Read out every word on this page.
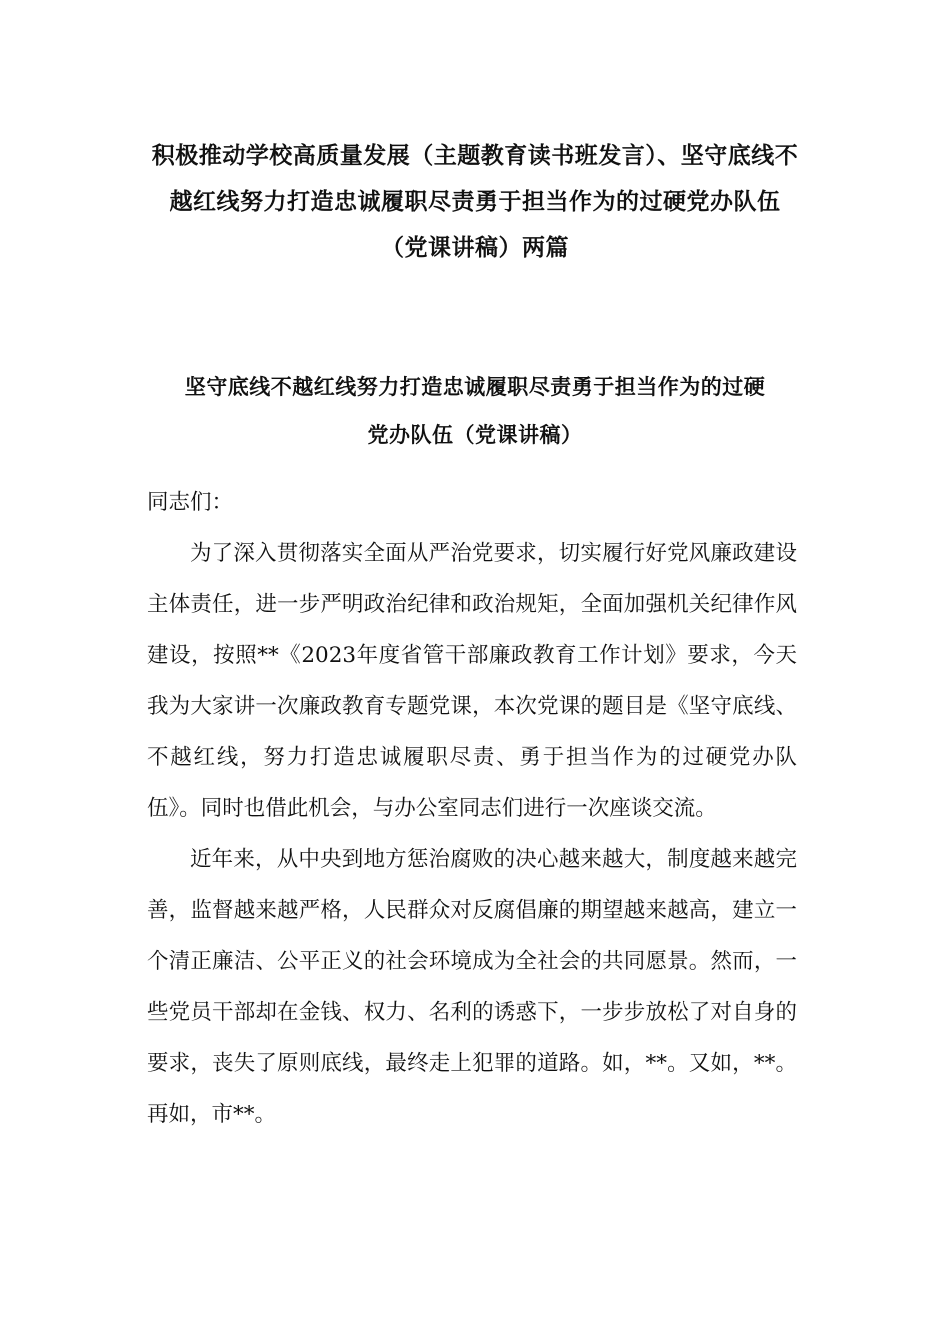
积极推动学校高质量发展（主题教育读书班发言）、坚守底线不越红线努力打造忠诚履职尽责勇于担当作为的过硬党办队伍（党课讲稿）两篇
坚守底线不越红线努力打造忠诚履职尽责勇于担当作为的过硬
党办队伍（党课讲稿）

同志们：

为了深入贯彻落实全面从严治党要求，切实履行好党风廉政建设主体责任，进一步严明政治纪律和政治规矩，全面加强机关纪律作风建设，按照**《2023年度省管干部廉政教育工作计划》要求，今天我为大家讲一次廉政教育专题党课，本次党课的题目是《坚守底线、不越红线，努力打造忠诚履职尽责、勇于担当作为的过硬党办队伍》。同时也借此机会，与办公室同志们进行一次座谈交流。

近年来，从中央到地方惩治腐败的决心越来越大，制度越来越完善，监督越来越严格，人民群众对反腐倡廉的期望越来越高，建立一个清正廉洁、公平正义的社会环境成为全社会的共同愿景。然而，一些党员干部却在金钱、权力、名利的诱惑下，一步步放松了对自身的要求，丧失了原则底线，最终走上犯罪的道路。如，**。又如，**。再如，市**。
